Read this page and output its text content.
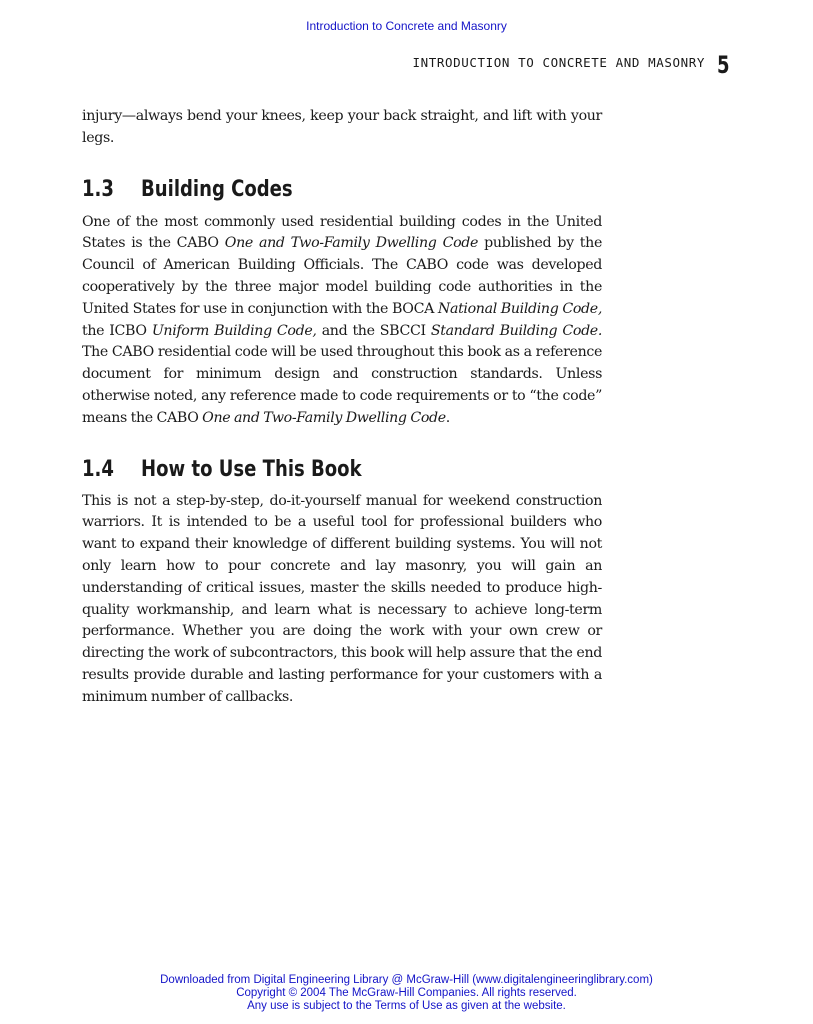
Introduction to Concrete and Masonry
INTRODUCTION TO CONCRETE AND MASONRY 5

injury—always bend your knees, keep your back straight, and lift with your legs.

1.3	Building Codes

One of the most commonly used residential building codes in the United States is the CABO One and Two-Family Dwelling Code published by the Council of American Building Officials. The CABO code was developed cooperatively by the three major model building code authorities in the United States for use in conjunction with the BOCA National Building Code, the ICBO Uniform Building Code, and the SBCCI Standard Building Code. The CABO residential code will be used throughout this book as a reference document for minimum design and construction standards. Unless otherwise noted, any reference made to code requirements or to “the code” means the CABO One and Two-Family Dwelling Code.

1.4	How to Use This Book

This is not a step-by-step, do-it-yourself manual for weekend construction warriors. It is intended to be a useful tool for professional builders who want to expand their knowledge of different building systems. You will not only learn how to pour concrete and lay masonry, you will gain an understanding of critical issues, master the skills needed to produce high-quality workmanship, and learn what is necessary to achieve long-term performance. Whether you are doing the work with your own crew or directing the work of subcontractors, this book will help assure that the end results provide durable and lasting performance for your customers with a minimum number of callbacks.

Downloaded from Digital Engineering Library @ McGraw-Hill (www.digitalengineeringlibrary.com)
Copyright © 2004 The McGraw-Hill Companies. All rights reserved.
Any use is subject to the Terms of Use as given at the website.
